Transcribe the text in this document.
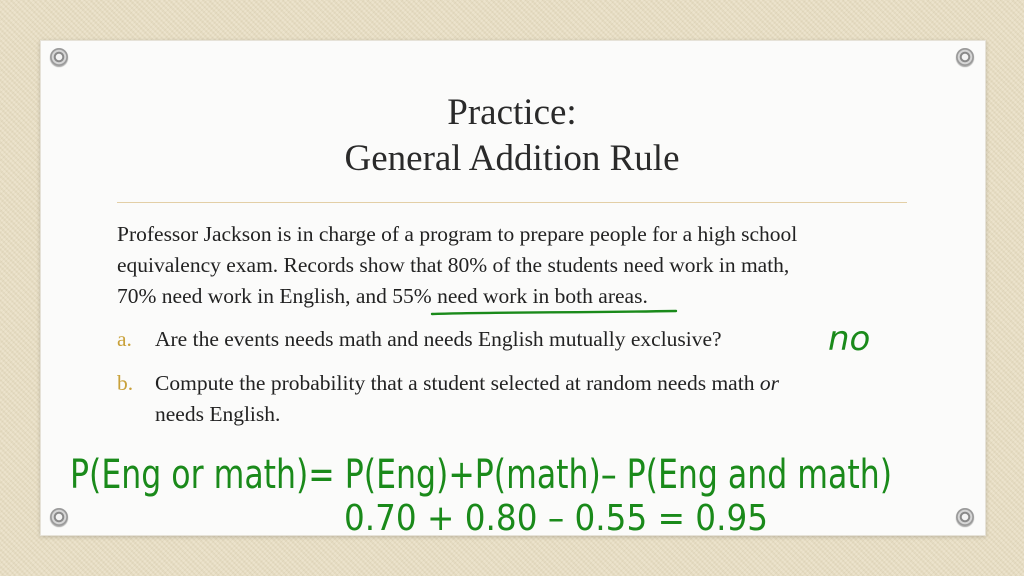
Practice:
General Addition Rule
Professor Jackson is in charge of a program to prepare people for a high school
equivalency exam. Records show that 80% of the students need work in math,
70% need work in English, and 55% need work in both areas.
a. Are the events needs math and needs English mutually exclusive?
b. Compute the probability that a student selected at random needs math or
needs English.
no
P(Eng or math)= P(Eng)+P(math)– P(Eng and math)
0.70 + 0.80 – 0.55 = 0.95
